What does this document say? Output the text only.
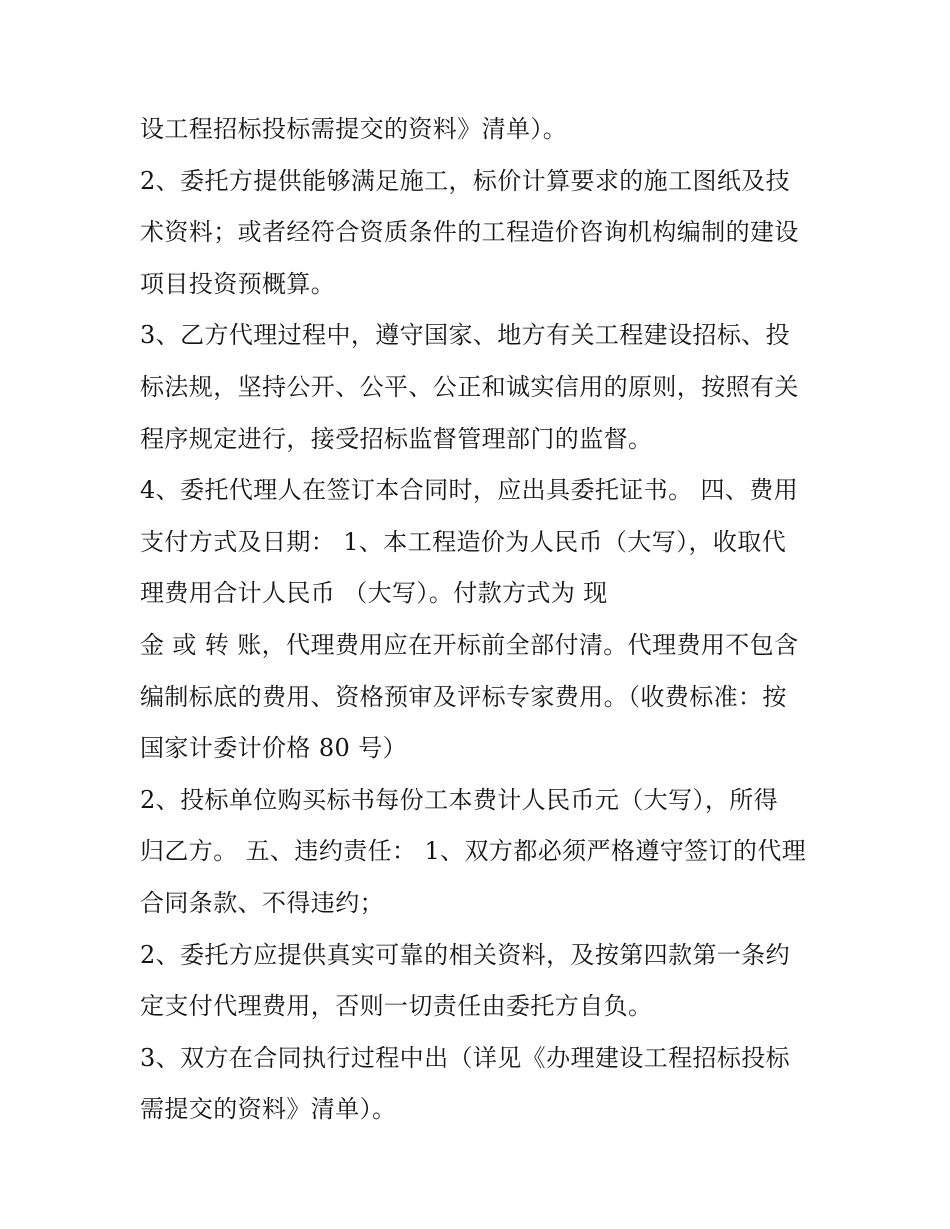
设工程招标投标需提交的资料》清单）。
2、委托方提供能够满足施工，标价计算要求的施工图纸及技
术资料；或者经符合资质条件的工程造价咨询机构编制的建设
项目投资预概算。
3、乙方代理过程中，遵守国家、地方有关工程建设招标、投
标法规，坚持公开、公平、公正和诚实信用的原则，按照有关
程序规定进行，接受招标监督管理部门的监督。
4、委托代理人在签订本合同时，应出具委托证书。 四、费用
支付方式及日期： 1、本工程造价为人民币（大写），收取代
理费用合计人民币 （大写）。付款方式为 现
金 或 转 账，代理费用应在开标前全部付清。代理费用不包含
编制标底的费用、资格预审及评标专家费用。（收费标准：按
国家计委计价格 80 号）
2、投标单位购买标书每份工本费计人民币元（大写），所得
归乙方。 五、违约责任： 1、双方都必须严格遵守签订的代理
合同条款、不得违约；
2、委托方应提供真实可靠的相关资料，及按第四款第一条约
定支付代理费用，否则一切责任由委托方自负。
3、双方在合同执行过程中出（详见《办理建设工程招标投标
需提交的资料》清单）。
